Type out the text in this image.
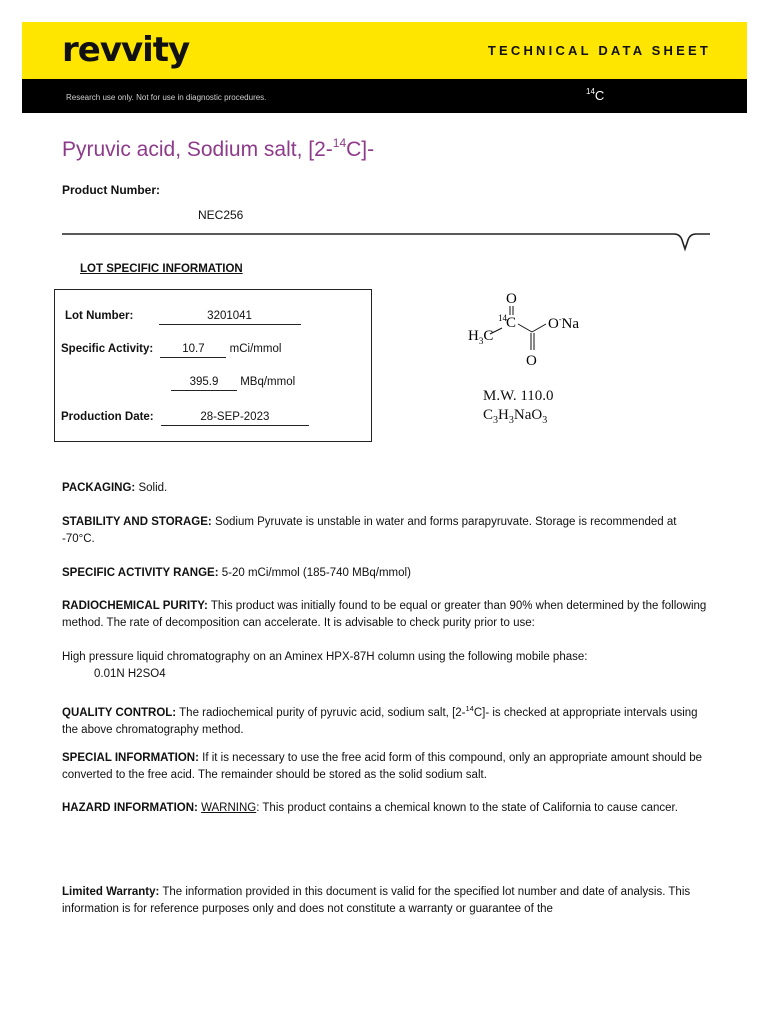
revvity	TECHNICAL DATA SHEET
Research use only. Not for use in diagnostic procedures.
$^{14}$C
Pyruvic acid, Sodium salt, [2-$^{14}$C]-
Product Number:
NEC256
LOT SPECIFIC INFORMATION
Lot Number:	3201041
Specific Activity:	10.7 mCi/mmol
395.9 MBq/mmol
Production Date:	28-SEP-2023
O
14 C
$H_3C$
O
O-Na
M.W. 110.0
$C_3H_3NaO_3$
PACKAGING: Solid.
STABILITY AND STORAGE: Sodium Pyruvate is unstable in water and forms parapyruvate. Storage is recommended at -70°C.
SPECIFIC ACTIVITY RANGE: 5-20 mCi/mmol (185-740 MBq/mmol)
RADIOCHEMICAL PURITY: This product was initially found to be equal or greater than 90% when determined by the following method. The rate of decomposition can accelerate. It is advisable to check purity prior to use:
High pressure liquid chromatography on an Aminex HPX-87H column using the following mobile phase:
0.01N H2SO4
QUALITY CONTROL: The radiochemical purity of pyruvic acid, sodium salt, [2-$^{14}$C]- is checked at appropriate intervals using the above chromatography method.
SPECIAL INFORMATION: If it is necessary to use the free acid form of this compound, only an appropriate amount should be converted to the free acid. The remainder should be stored as the solid sodium salt.
HAZARD INFORMATION: WARNING: This product contains a chemical known to the state of California to cause cancer.
Limited Warranty: The information provided in this document is valid for the specified lot number and date of analysis. This information is for reference purposes only and does not constitute a warranty or guarantee of the
